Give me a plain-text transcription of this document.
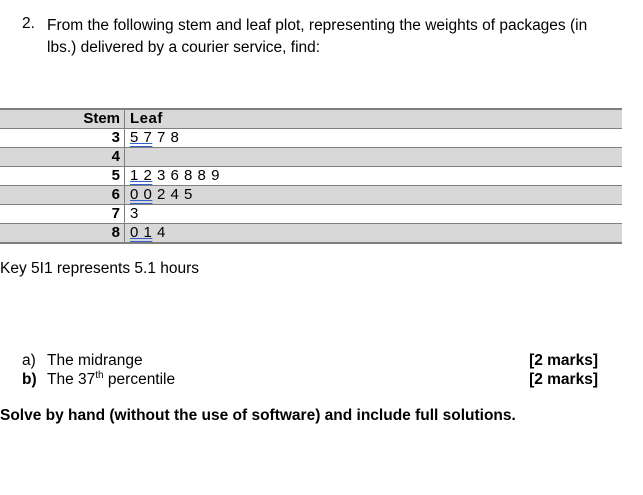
2. From the following stem and leaf plot, representing the weights of packages (in lbs.) delivered by a courier service, find:
Stem	Leaf
3	5 7 7 8
4	
5	1 2 3 6 8 8 9
6	0 0 2 4 5
7	3
8	0 1 4
Key 5I1 represents 5.1 hours
a) The midrange	[2 marks]
b) The 37th percentile	[2 marks]
Solve by hand (without the use of software) and include full solutions.
